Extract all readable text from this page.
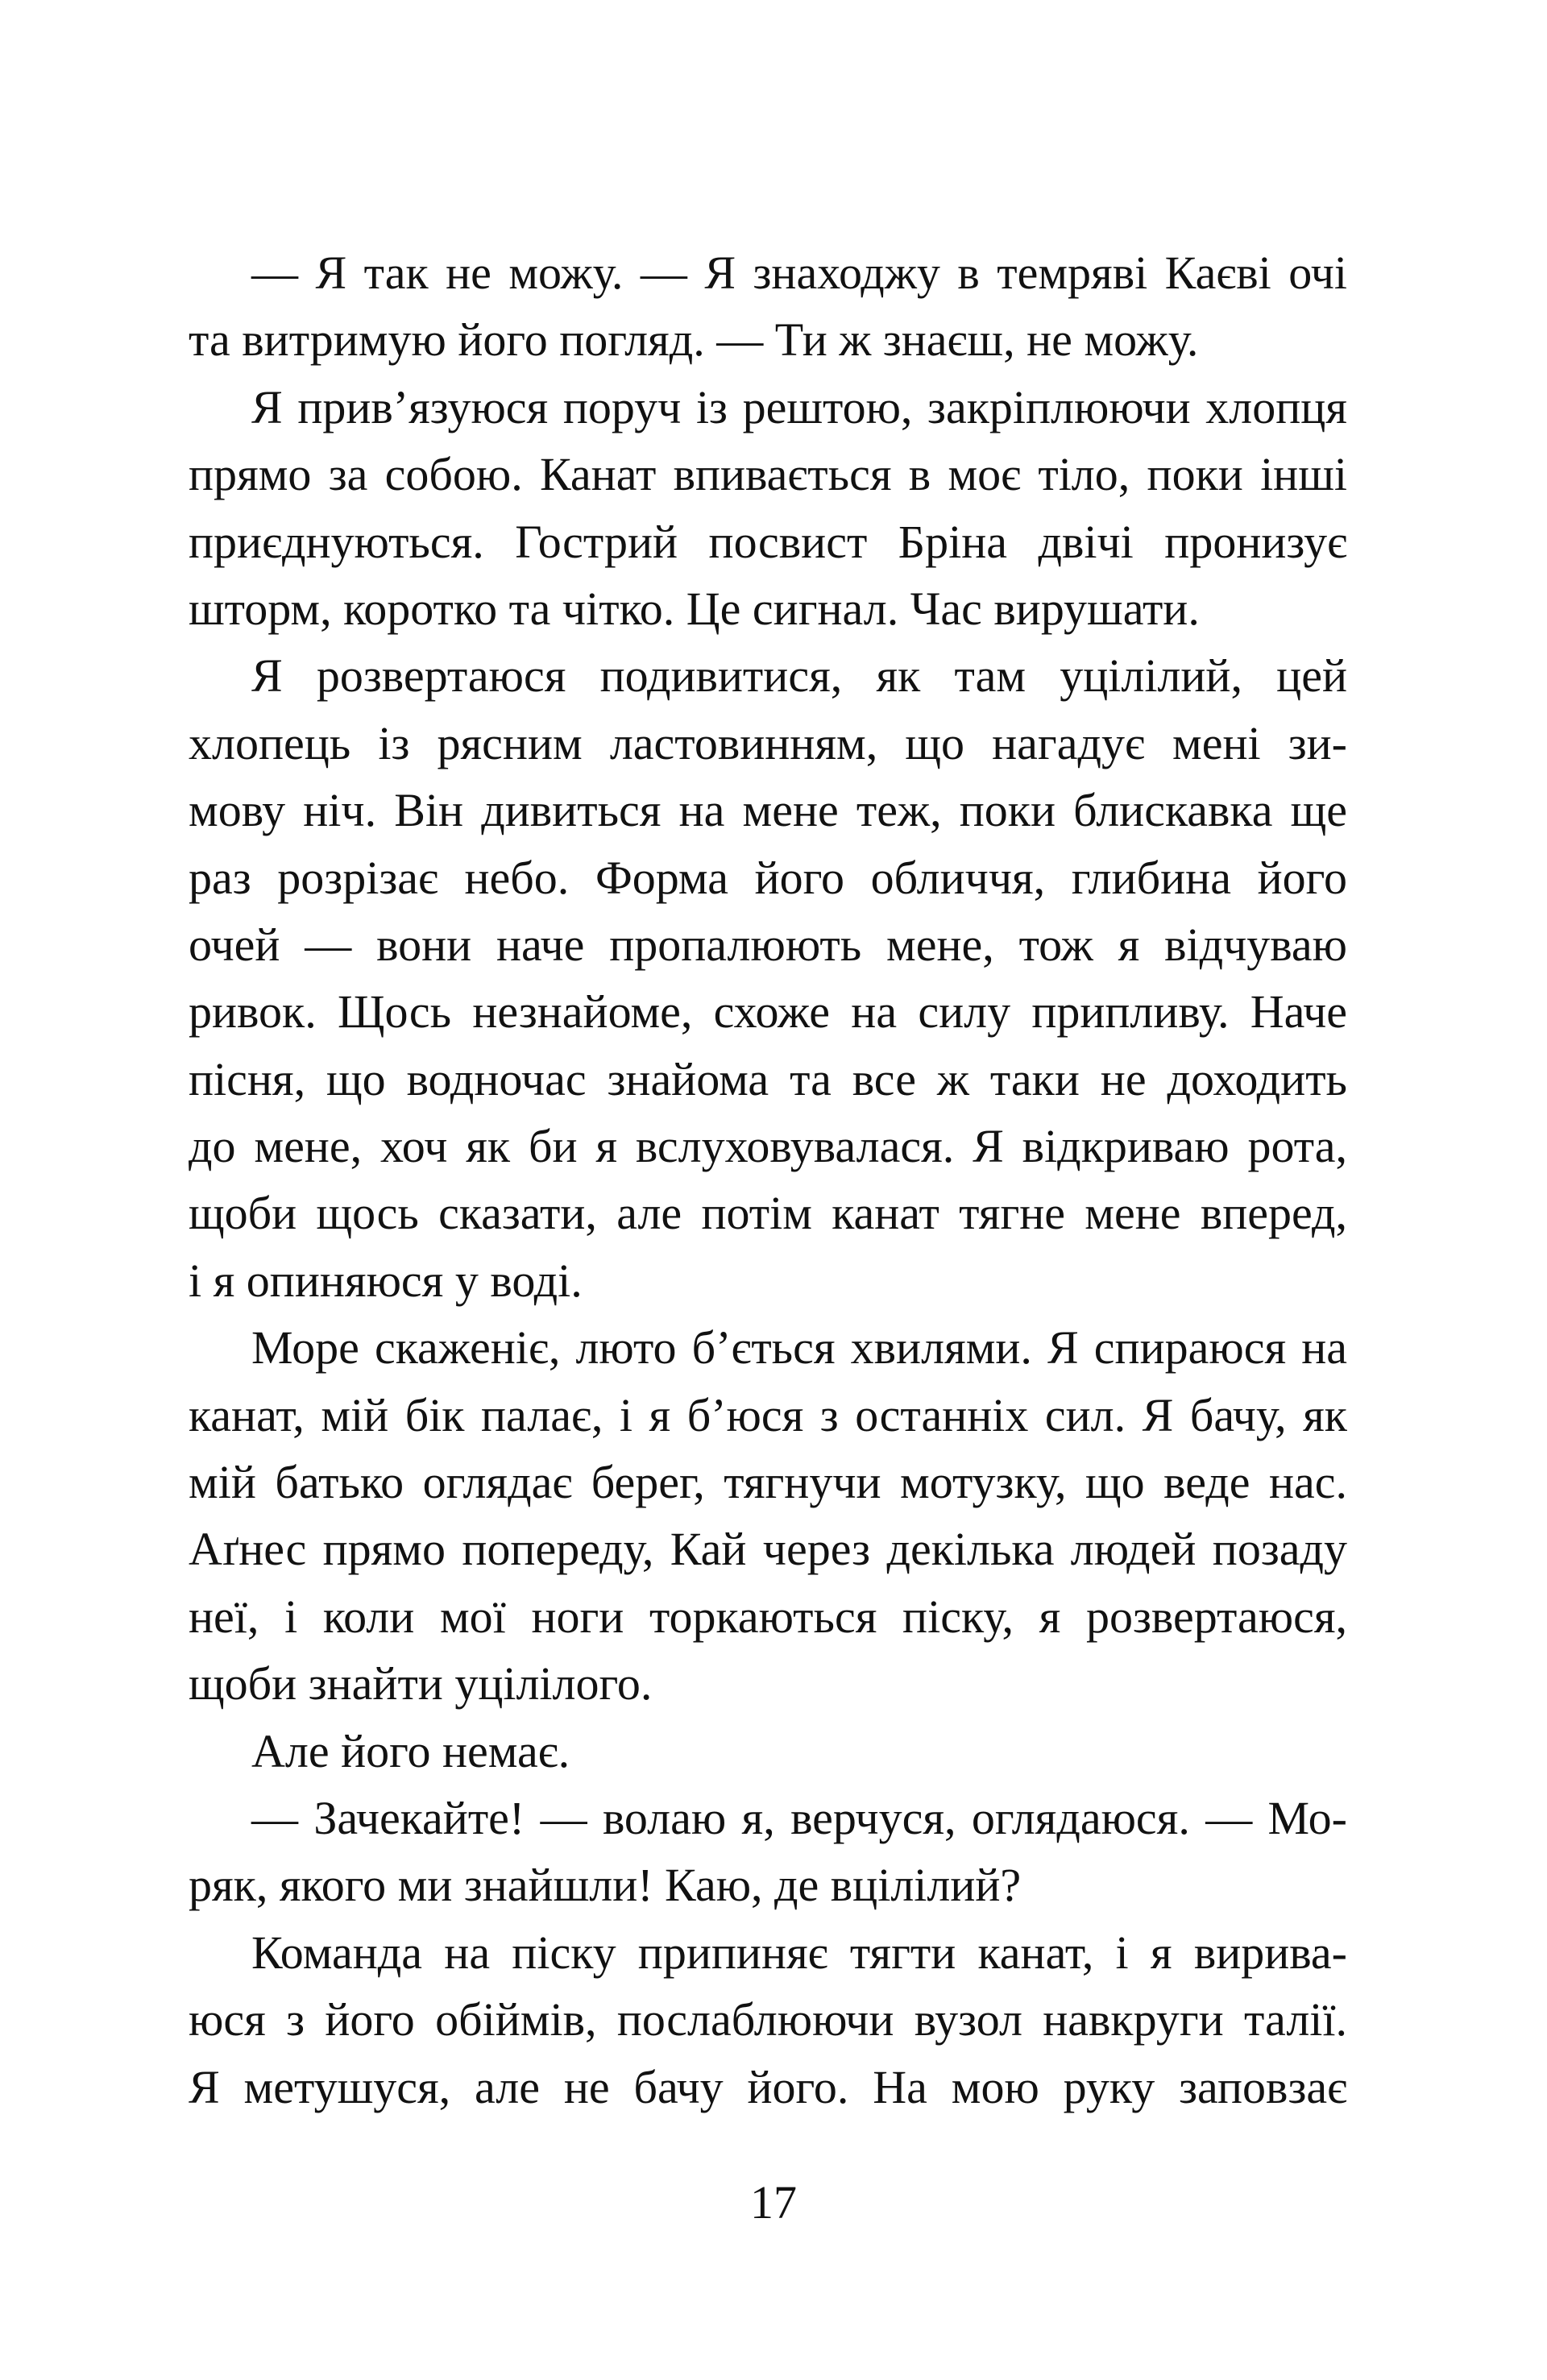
— Я так не можу. — Я знаходжу в темряві Каєві очі
та витримую його погляд. — Ти ж знаєш, не можу.
Я прив’язуюся поруч із рештою, закріплюючи хлопця
прямо за собою. Канат впивається в моє тіло, поки інші
приєднуються. Гострий посвист Бріна двічі пронизує
шторм, коротко та чітко. Це сигнал. Час вирушати.
Я розвертаюся подивитися, як там уцілілий, цей
хлопець із рясним ластовинням, що нагадує мені зи-
мову ніч. Він дивиться на мене теж, поки блискавка ще
раз розрізає небо. Форма його обличчя, глибина його
очей — вони наче пропалюють мене, тож я відчуваю
ривок. Щось незнайоме, схоже на силу припливу. Наче
пісня, що водночас знайома та все ж таки не доходить
до мене, хоч як би я вслуховувалася. Я відкриваю рота,
щоби щось сказати, але потім канат тягне мене вперед,
і я опиняюся у воді.
Море скаженіє, люто б’ється хвилями. Я спираюся на
канат, мій бік палає, і я б’юся з останніх сил. Я бачу, як
мій батько оглядає берег, тягнучи мотузку, що веде нас.
Аґнес прямо попереду, Кай через декілька людей позаду
неї, і коли мої ноги торкаються піску, я розвертаюся,
щоби знайти уцілілого.
Але його немає.
— Зачекайте! — волаю я, верчуся, оглядаюся. — Мо-
ряк, якого ми знайшли! Каю, де вцілілий?
Команда на піску припиняє тягти канат, і я вирива-
юся з його обіймів, послаблюючи вузол навкруги талії.
Я метушуся, але не бачу його. На мою руку заповзає
17
